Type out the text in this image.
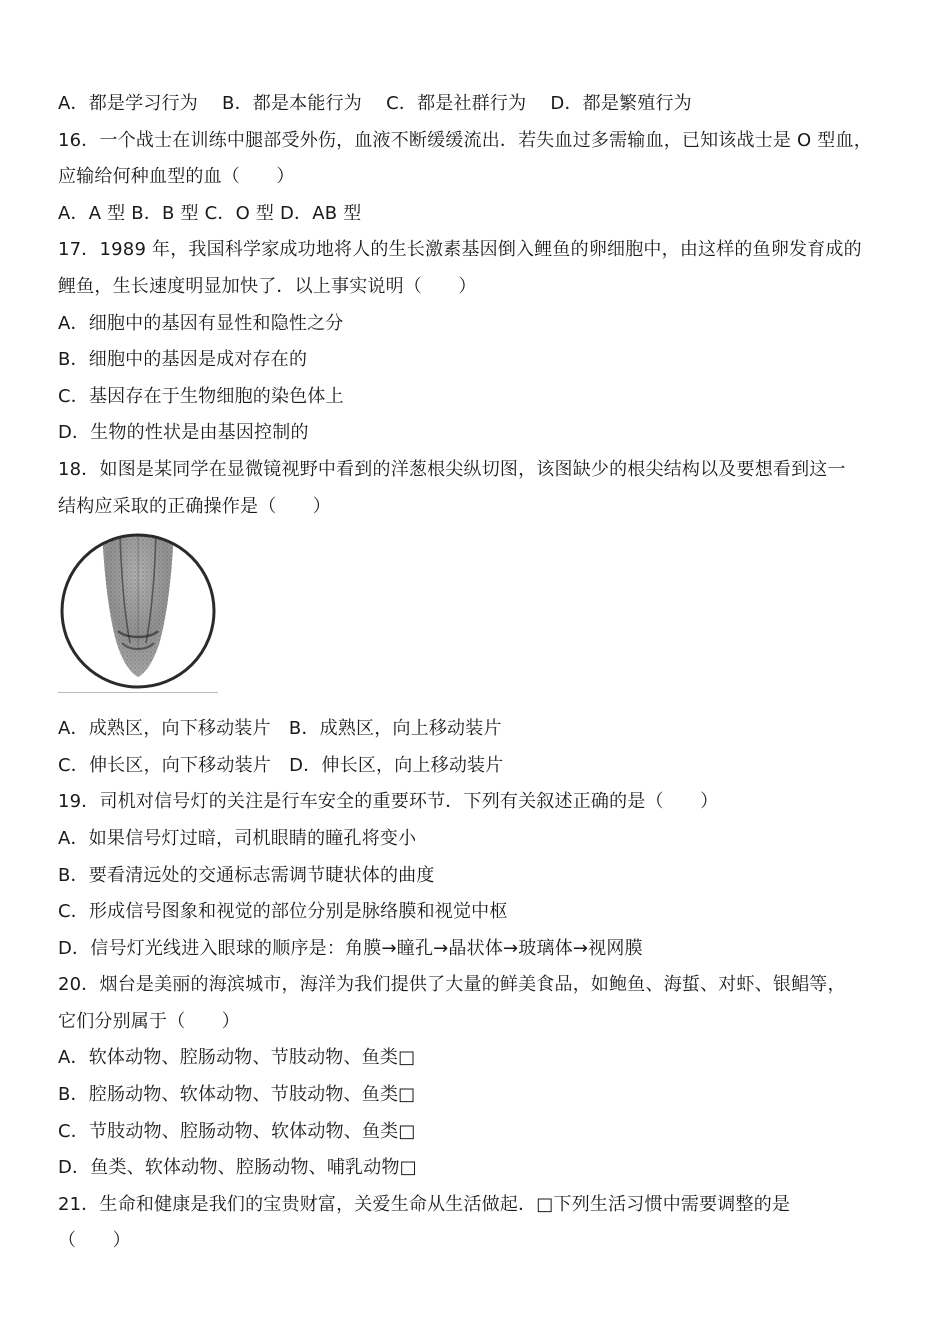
A．都是学习行为　 B．都是本能行为　 C．都是社群行为　 D．都是繁殖行为
16．一个战士在训练中腿部受外伤，血液不断缓缓流出．若失血过多需输血，已知该战士是 O 型血，
应输给何种血型的血（　　）
A．A 型 B．B 型 C．O 型 D．AB 型
17．1989 年，我国科学家成功地将人的生长激素基因倒入鲤鱼的卵细胞中，由这样的鱼卵发育成的
鲤鱼，生长速度明显加快了．以上事实说明（　　）
A．细胞中的基因有显性和隐性之分
B．细胞中的基因是成对存在的
C．基因存在于生物细胞的染色体上
D．生物的性状是由基因控制的
18．如图是某同学在显微镜视野中看到的洋葱根尖纵切图，该图缺少的根尖结构以及要想看到这一
结构应采取的正确操作是（　　）
A．成熟区，向下移动装片　B．成熟区，向上移动装片
C．伸长区，向下移动装片　D．伸长区，向上移动装片
19．司机对信号灯的关注是行车安全的重要环节．下列有关叙述正确的是（　　）
A．如果信号灯过暗，司机眼睛的瞳孔将变小
B．要看清远处的交通标志需调节睫状体的曲度
C．形成信号图象和视觉的部位分别是脉络膜和视觉中枢
D．信号灯光线进入眼球的顺序是：角膜→瞳孔→晶状体→玻璃体→视网膜
20．烟台是美丽的海滨城市，海洋为我们提供了大量的鲜美食品，如鲍鱼、海蜇、对虾、银鲳等，
它们分别属于（　　）
A．软体动物、腔肠动物、节肢动物、鱼类□
B．腔肠动物、软体动物、节肢动物、鱼类□
C．节肢动物、腔肠动物、软体动物、鱼类□
D．鱼类、软体动物、腔肠动物、哺乳动物□
21．生命和健康是我们的宝贵财富，关爱生命从生活做起．□下列生活习惯中需要调整的是
（　　）
